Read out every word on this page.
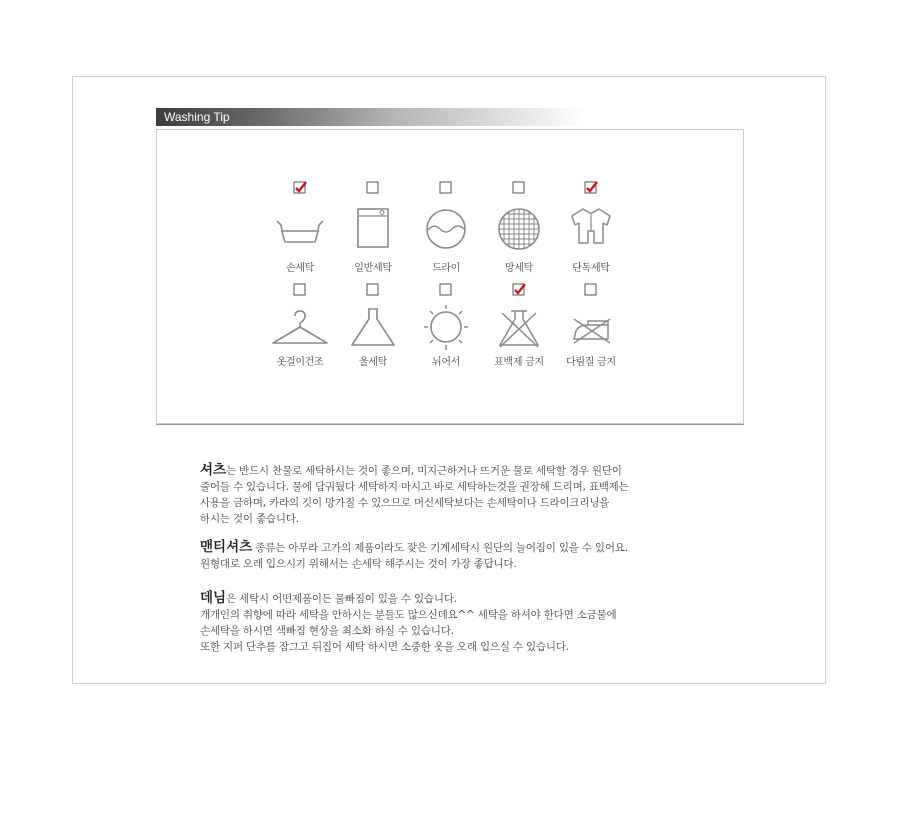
Washing Tip
손세탁	일반세탁	드라이	망세탁	단독세탁
옷걸이건조	울세탁	뉘어서	표백제 금지	다림질 금지

셔츠는 반드시 찬물로 세탁하시는 것이 좋으며, 미지근하거나 뜨거운 물로 세탁할 경우 원단이
줄어들 수 있습니다. 물에 담궈뒀다 세탁하지 마시고 바로 세탁하는것을 권장해 드리며, 표백제는
사용을 금하며, 카라의 깃이 망가질 수 있으므로 머신세탁보다는 손세탁이나 드라이크리닝을
하시는 것이 좋습니다.

맨티셔츠 종류는 아무라 고가의 제품이라도 잦은 기계세탁시 원단의 늘어짐이 있을 수 있어요.
원형대로 오래 입으시기 위해서는 손세탁 해주시는 것이 가장 좋답니다.

데님은 세탁시 어떤제품이든 물빠짐이 있을 수 있습니다.
개개인의 취향에 따라 세탁을 안하시는 분들도 많으신데요^^ 세탁을 하셔야 한다면 소금물에
손세탁을 하시면 색빠짐 현상을 최소화 하실 수 있습니다.
또한 지퍼 단추를 잠그고 뒤집어 세탁 하시면 소중한 옷을 오래 입으실 수 있습니다.
